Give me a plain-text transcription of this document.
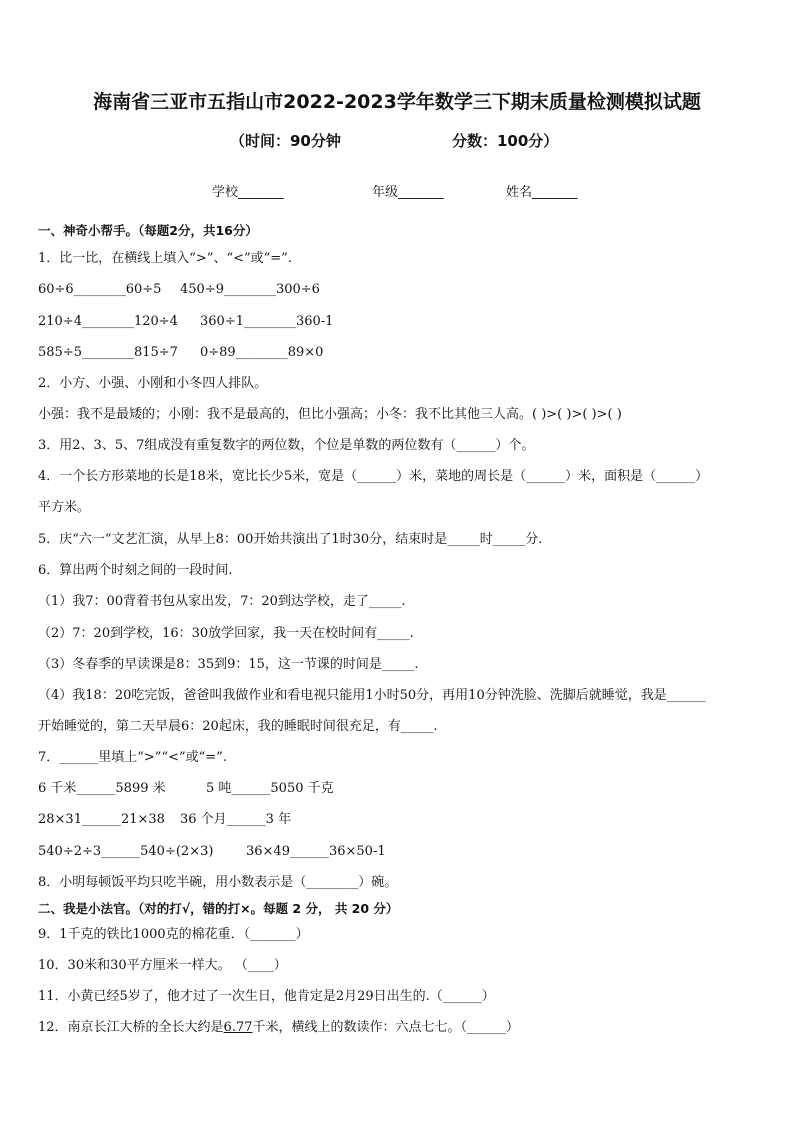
海南省三亚市五指山市2022-2023学年数学三下期末质量检测模拟试题
（时间：90分钟	分数：100分）
学校_______	年级_______	姓名_______
一、神奇小帮手。（每题2分，共16分）
1．比一比，在横线上填入“>”、“<”或“=”.
60÷6________60÷5 450÷9________300÷6
210÷4________120÷4 360÷1________360-1
585÷5________815÷7 0÷89________89×0
2．小方、小强、小刚和小冬四人排队。
小强：我不是最矮的；小刚：我不是最高的，但比小强高；小冬：我不比其他三人高。( )>( )>( )>( )
3．用2、3、5、7组成没有重复数字的两位数，个位是单数的两位数有（______）个。
4．一个长方形菜地的长是18米，宽比长少5米，宽是（______）米，菜地的周长是（______）米，面积是（______）
平方米。
5．庆“六一”文艺汇演，从早上8：00开始共演出了1时30分，结束时是_____时_____分.
6．算出两个时刻之间的一段时间.
（1）我7：00背着书包从家出发，7：20到达学校，走了_____.
（2）7：20到学校，16：30放学回家，我一天在校时间有_____.
（3）冬春季的早读课是8：35到9：15，这一节课的时间是_____.
（4）我18：20吃完饭，爸爸叫我做作业和看电视只能用1小时50分，再用10分钟洗脸、洗脚后就睡觉，我是______
开始睡觉的，第二天早晨6：20起床，我的睡眠时间很充足，有_____.
7．______里填上“>”“<”或“=”.
6 千米______5899 米	5 吨______5050 千克
28×31______21×38 36 个月______3 年
540÷2÷3______540÷(2×3)	36×49______36×50-1
8．小明每顿饭平均只吃半碗，用小数表示是（________）碗。
二、我是小法官。（对的打√，错的打×。每题 2 分， 共 20 分）
9．1千克的铁比1000克的棉花重．（_______）
10．30米和30平方厘米一样大。 （____）
11．小黄已经5岁了，他才过了一次生日，他肯定是2月29日出生的.（______）
12．南京长江大桥的全长大约是6.77千米，横线上的数读作：六点七七。（______）
